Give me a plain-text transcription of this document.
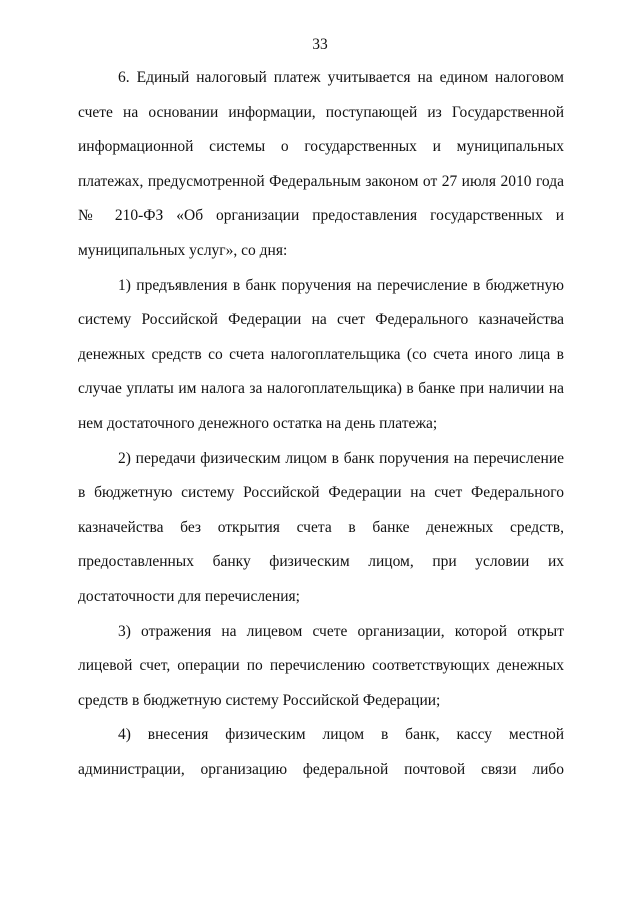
33

6. Единый налоговый платеж учитывается на едином налоговом счете на основании информации, поступающей из Государственной информационной системы о государственных и муниципальных платежах, предусмотренной Федеральным законом от 27 июля 2010 года № 210-ФЗ «Об организации предоставления государственных и муниципальных услуг», со дня:

1) предъявления в банк поручения на перечисление в бюджетную систему Российской Федерации на счет Федерального казначейства денежных средств со счета налогоплательщика (со счета иного лица в случае уплаты им налога за налогоплательщика) в банке при наличии на нем достаточного денежного остатка на день платежа;

2) передачи физическим лицом в банк поручения на перечисление в бюджетную систему Российской Федерации на счет Федерального казначейства без открытия счета в банке денежных средств, предоставленных банку физическим лицом, при условии их достаточности для перечисления;

3) отражения на лицевом счете организации, которой открыт лицевой счет, операции по перечислению соответствующих денежных средств в бюджетную систему Российской Федерации;

4) внесения физическим лицом в банк, кассу местной администрации, организацию федеральной почтовой связи либо
